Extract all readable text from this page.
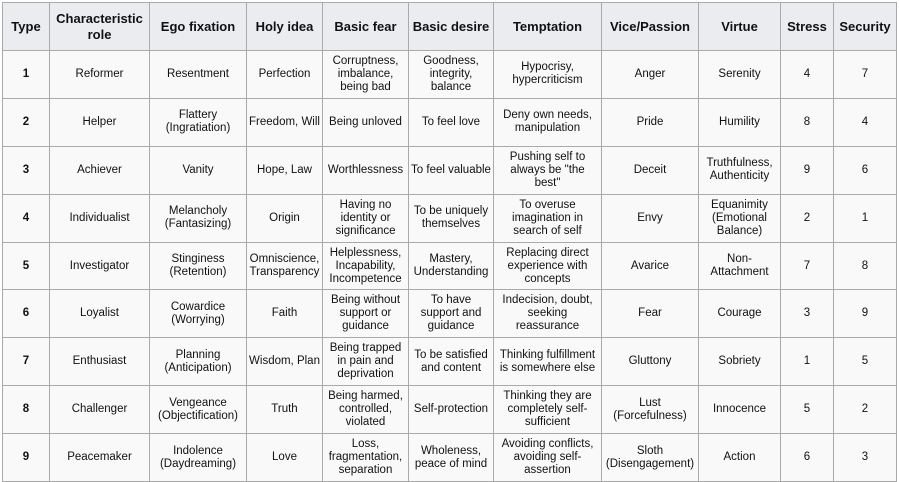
Type	Characteristic role	Ego fixation	Holy idea	Basic fear	Basic desire	Temptation	Vice/Passion	Virtue	Stress	Security
1	Reformer	Resentment	Perfection	Corruptness, imbalance, being bad	Goodness, integrity, balance	Hypocrisy, hypercriticism	Anger	Serenity	4	7
2	Helper	Flattery (Ingratiation)	Freedom, Will	Being unloved	To feel love	Deny own needs, manipulation	Pride	Humility	8	4
3	Achiever	Vanity	Hope, Law	Worthlessness	To feel valuable	Pushing self to always be "the best"	Deceit	Truthfulness, Authenticity	9	6
4	Individualist	Melancholy (Fantasizing)	Origin	Having no identity or significance	To be uniquely themselves	To overuse imagination in search of self	Envy	Equanimity (Emotional Balance)	2	1
5	Investigator	Stinginess (Retention)	Omniscience, Transparency	Helplessness, Incapability, Incompetence	Mastery, Understanding	Replacing direct experience with concepts	Avarice	Non-Attachment	7	8
6	Loyalist	Cowardice (Worrying)	Faith	Being without support or guidance	To have support and guidance	Indecision, doubt, seeking reassurance	Fear	Courage	3	9
7	Enthusiast	Planning (Anticipation)	Wisdom, Plan	Being trapped in pain and deprivation	To be satisfied and content	Thinking fulfillment is somewhere else	Gluttony	Sobriety	1	5
8	Challenger	Vengeance (Objectification)	Truth	Being harmed, controlled, violated	Self-protection	Thinking they are completely self-sufficient	Lust (Forcefulness)	Innocence	5	2
9	Peacemaker	Indolence (Daydreaming)	Love	Loss, fragmentation, separation	Wholeness, peace of mind	Avoiding conflicts, avoiding self-assertion	Sloth (Disengagement)	Action	6	3
